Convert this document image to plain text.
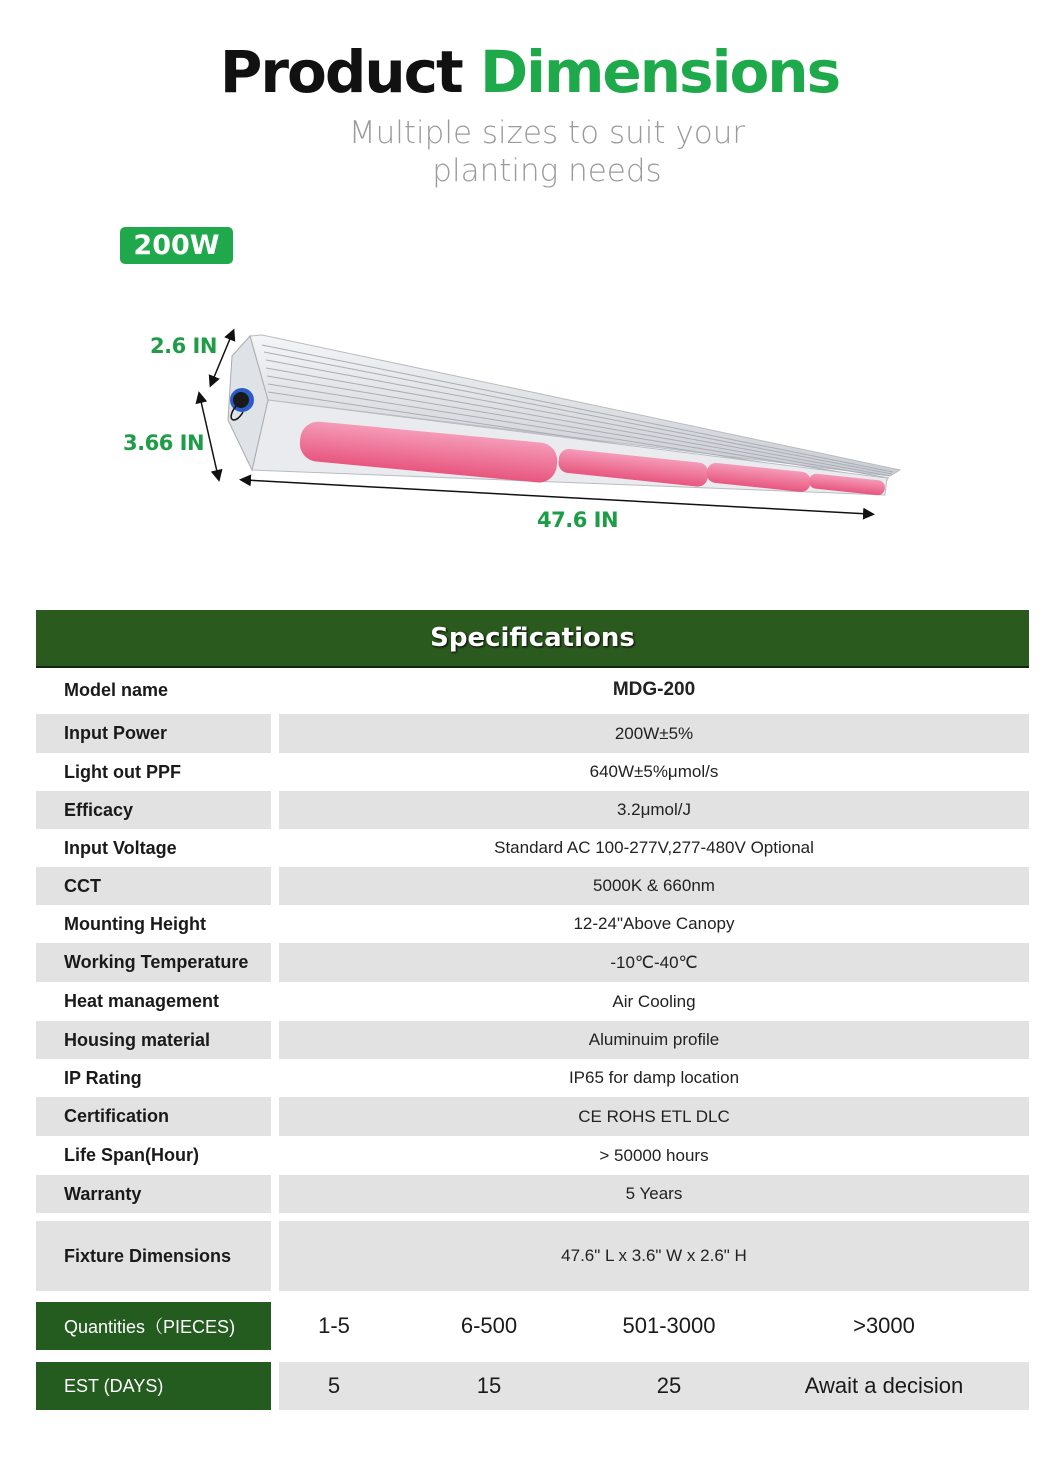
Product Dimensions
Multiple sizes to suit your
planting needs
200W
2.6 IN
3.66 IN
47.6 IN
Specifications
Model name	MDG-200
Input Power	200W±5%
Light out PPF	640W±5%μmol/s
Efficacy	3.2μmol/J
Input Voltage	Standard AC 100-277V,277-480V Optional
CCT	5000K & 660nm
Mounting Height	12-24"Above Canopy
Working Temperature	-10℃-40℃
Heat management	Air Cooling
Housing material	Aluminuim profile
IP Rating	IP65 for damp location
Certification	CE ROHS ETL DLC
Life Span(Hour)	> 50000 hours
Warranty	5 Years
Fixture Dimensions	47.6" L x 3.6" W x 2.6" H
Quantities（PIECES)	1-5	6-500	501-3000	>3000
EST (DAYS)	5	15	25	Await a decision
